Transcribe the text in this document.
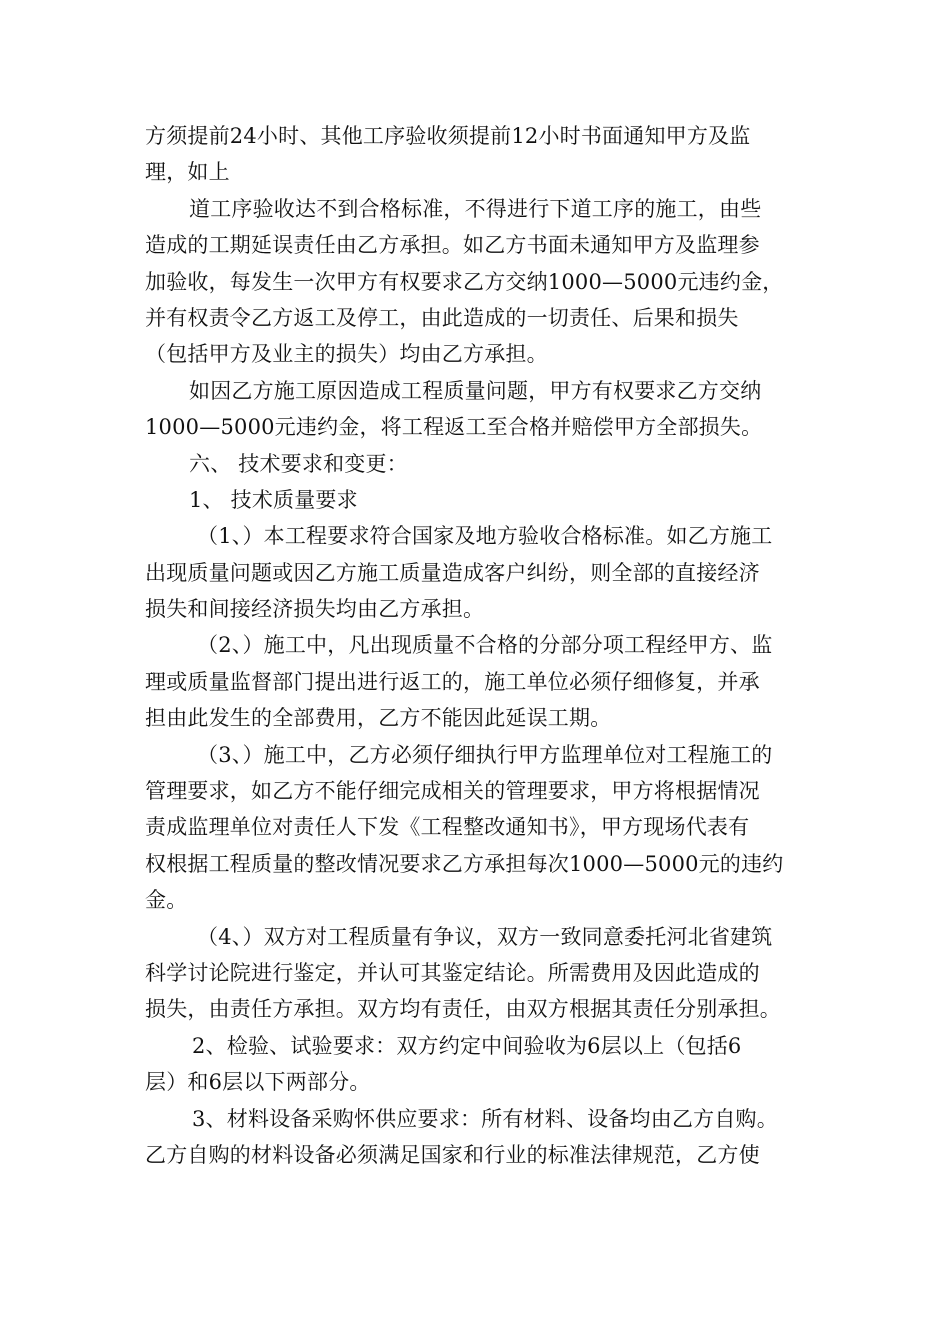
方须提前24小时、其他工序验收须提前12小时书面通知甲方及监
理，如上
道工序验收达不到合格标准，不得进行下道工序的施工，由些
造成的工期延误责任由乙方承担。如乙方书面未通知甲方及监理参
加验收，每发生一次甲方有权要求乙方交纳1000—5000元违约金，
并有权责令乙方返工及停工，由此造成的一切责任、后果和损失
（包括甲方及业主的损失）均由乙方承担。
如因乙方施工原因造成工程质量问题，甲方有权要求乙方交纳
1000—5000元违约金，将工程返工至合格并赔偿甲方全部损失。
六、 技术要求和变更：
1、 技术质量要求
（1、）本工程要求符合国家及地方验收合格标准。如乙方施工
出现质量问题或因乙方施工质量造成客户纠纷，则全部的直接经济
损失和间接经济损失均由乙方承担。
（2、）施工中，凡出现质量不合格的分部分项工程经甲方、监
理或质量监督部门提出进行返工的，施工单位必须仔细修复，并承
担由此发生的全部费用，乙方不能因此延误工期。
（3、）施工中，乙方必须仔细执行甲方监理单位对工程施工的
管理要求，如乙方不能仔细完成相关的管理要求，甲方将根据情况
责成监理单位对责任人下发《工程整改通知书》，甲方现场代表有
权根据工程质量的整改情况要求乙方承担每次1000—5000元的违约
金。
（4、）双方对工程质量有争议，双方一致同意委托河北省建筑
科学讨论院进行鉴定，并认可其鉴定结论。所需费用及因此造成的
损失，由责任方承担。双方均有责任，由双方根据其责任分别承担。
2、检验、试验要求：双方约定中间验收为6层以上（包括6
层）和6层以下两部分。
3、材料设备采购怀供应要求：所有材料、设备均由乙方自购。
乙方自购的材料设备必须满足国家和行业的标准法律规范，乙方使
